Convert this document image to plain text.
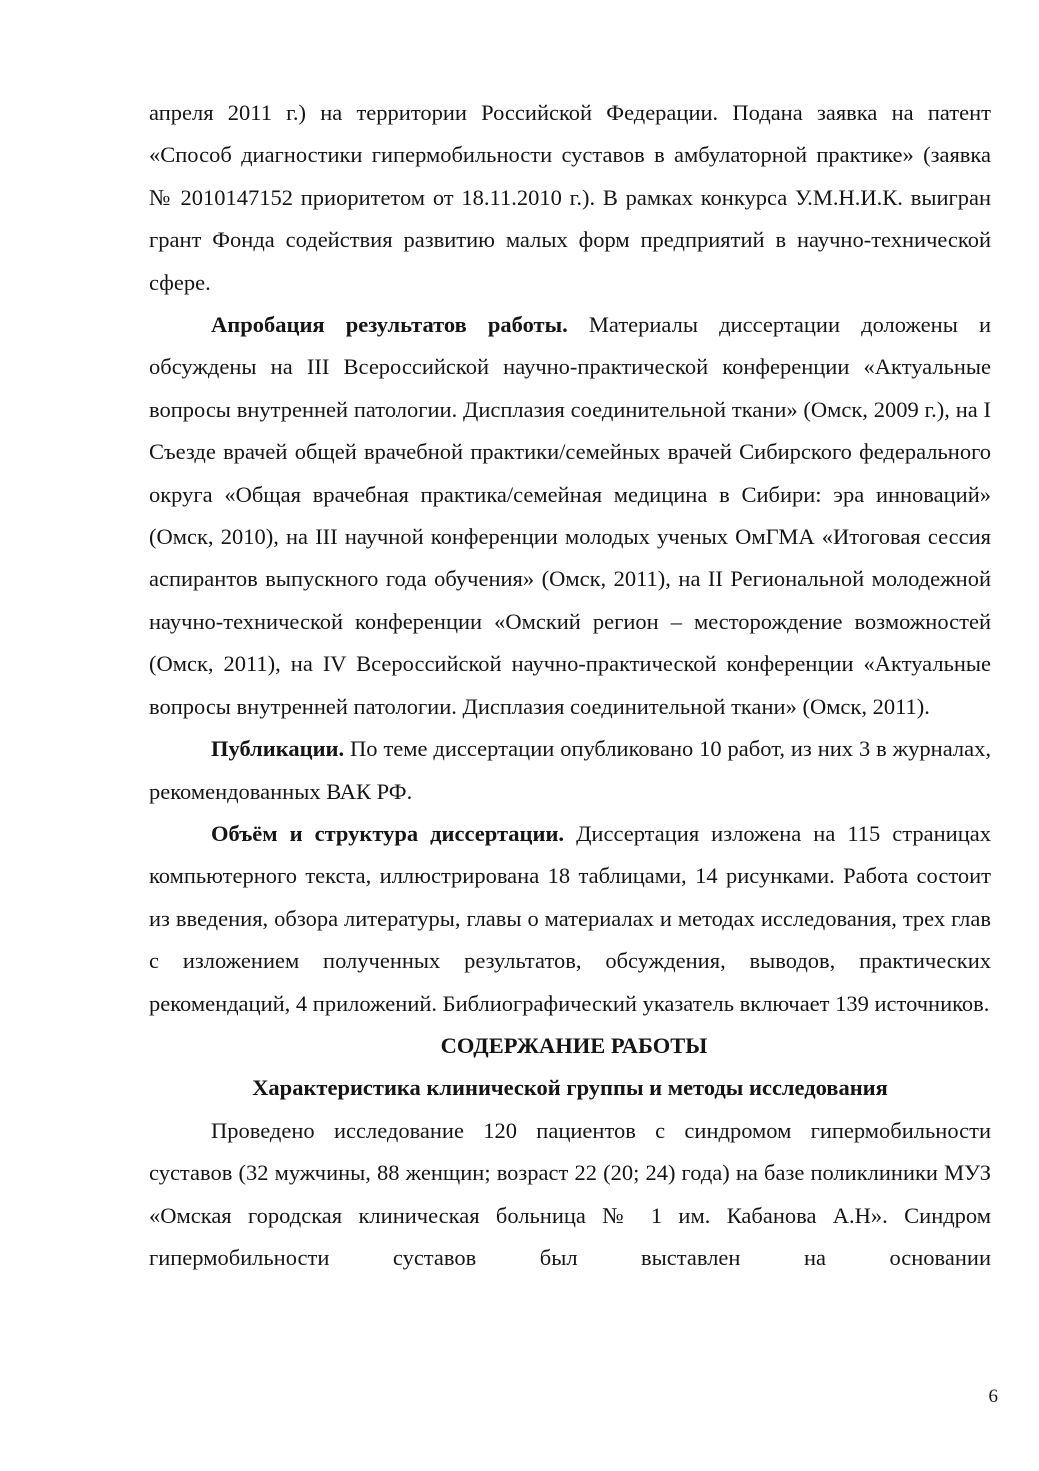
апреля 2011 г.) на территории Российской Федерации. Подана заявка на патент «Способ диагностики гипермобильности суставов в амбулаторной практике» (заявка № 2010147152 приоритетом от 18.11.2010 г.). В рамках конкурса У.М.Н.И.К. выигран грант Фонда содействия развитию малых форм предприятий в научно-технической сфере.

Апробация результатов работы. Материалы диссертации доложены и обсуждены на III Всероссийской научно-практической конференции «Актуальные вопросы внутренней патологии. Дисплазия соединительной ткани» (Омск, 2009 г.), на I Съезде врачей общей врачебной практики/семейных врачей Сибирского федерального округа «Общая врачебная практика/семейная медицина в Сибири: эра инноваций» (Омск, 2010), на III научной конференции молодых ученых ОмГМА «Итоговая сессия аспирантов выпускного года обучения» (Омск, 2011), на II Региональной молодежной научно-технической конференции «Омский регион – месторождение возможностей (Омск, 2011), на IV Всероссийской научно-практической конференции «Актуальные вопросы внутренней патологии. Дисплазия соединительной ткани» (Омск, 2011).

Публикации. По теме диссертации опубликовано 10 работ, из них 3 в журналах, рекомендованных ВАК РФ.

Объём и структура диссертации. Диссертация изложена на 115 страницах компьютерного текста, иллюстрирована 18 таблицами, 14 рисунками. Работа состоит из введения, обзора литературы, главы о материалах и методах исследования, трех глав с изложением полученных результатов, обсуждения, выводов, практических рекомендаций, 4 приложений. Библиографический указатель включает 139 источников.

СОДЕРЖАНИЕ РАБОТЫ
Характеристика клинической группы и методы исследования

Проведено исследование 120 пациентов с синдромом гипермобильности суставов (32 мужчины, 88 женщин; возраст 22 (20; 24) года) на базе поликлиники МУЗ «Омская городская клиническая больница № 1 им. Кабанова А.Н». Синдром гипермобильности суставов был выставлен на основании

6
